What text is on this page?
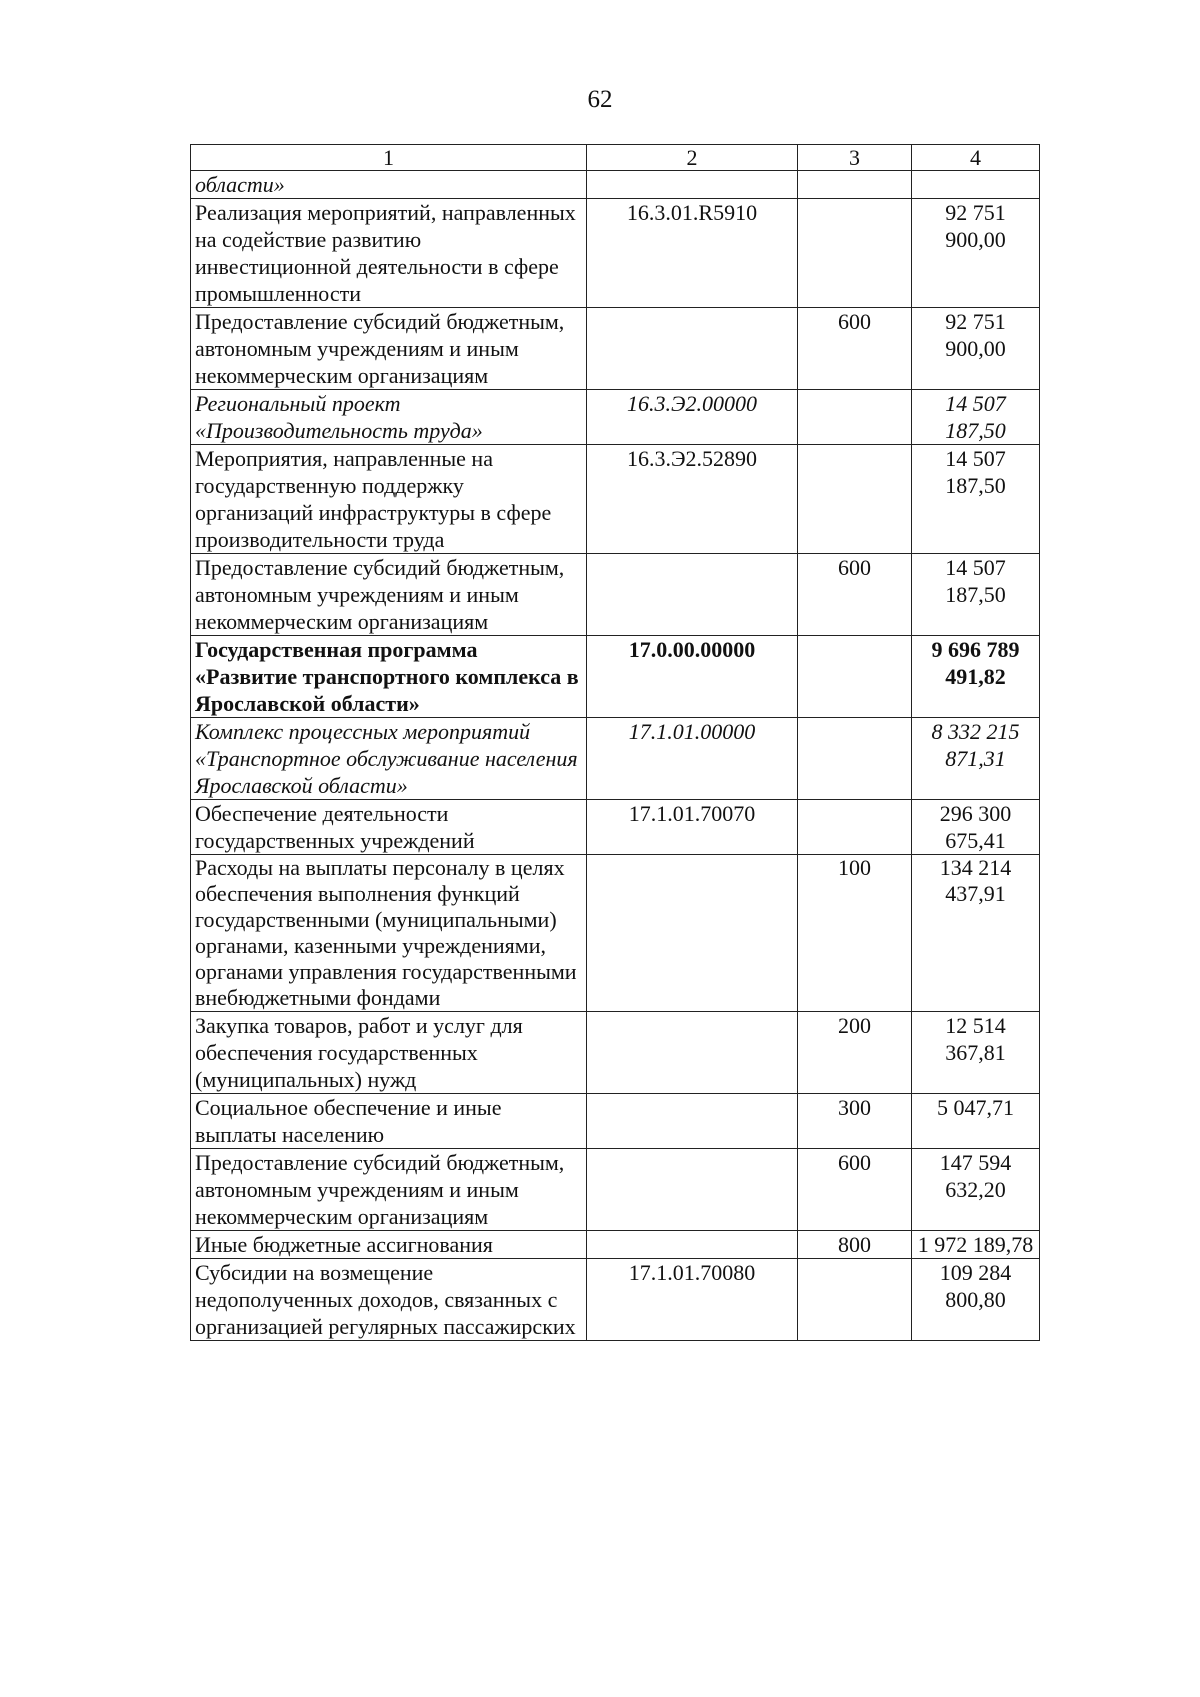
62
1	2	3	4
области»			
Реализация мероприятий, направленных на содействие развитию инвестиционной деятельности в сфере промышленности	16.3.01.R5910		92 751 900,00
Предоставление субсидий бюджетным, автономным учреждениям и иным некоммерческим организациям		600	92 751 900,00
Региональный проект «Производительность труда»	16.3.Э2.00000		14 507 187,50
Мероприятия, направленные на государственную поддержку организаций инфраструктуры в сфере производительности труда	16.3.Э2.52890		14 507 187,50
Предоставление субсидий бюджетным, автономным учреждениям и иным некоммерческим организациям		600	14 507 187,50
Государственная программа «Развитие транспортного комплекса в Ярославской области»	17.0.00.00000		9 696 789 491,82
Комплекс процессных мероприятий «Транспортное обслуживание населения Ярославской области»	17.1.01.00000		8 332 215 871,31
Обеспечение деятельности государственных учреждений	17.1.01.70070		296 300 675,41
Расходы на выплаты персоналу в целях обеспечения выполнения функций государственными (муниципальными) органами, казенными учреждениями, органами управления государственными внебюджетными фондами		100	134 214 437,91
Закупка товаров, работ и услуг для обеспечения государственных (муниципальных) нужд		200	12 514 367,81
Социальное обеспечение и иные выплаты населению		300	5 047,71
Предоставление субсидий бюджетным, автономным учреждениям и иным некоммерческим организациям		600	147 594 632,20
Иные бюджетные ассигнования		800	1 972 189,78
Субсидии на возмещение недополученных доходов, связанных с организацией регулярных пассажирских	17.1.01.70080		109 284 800,80
